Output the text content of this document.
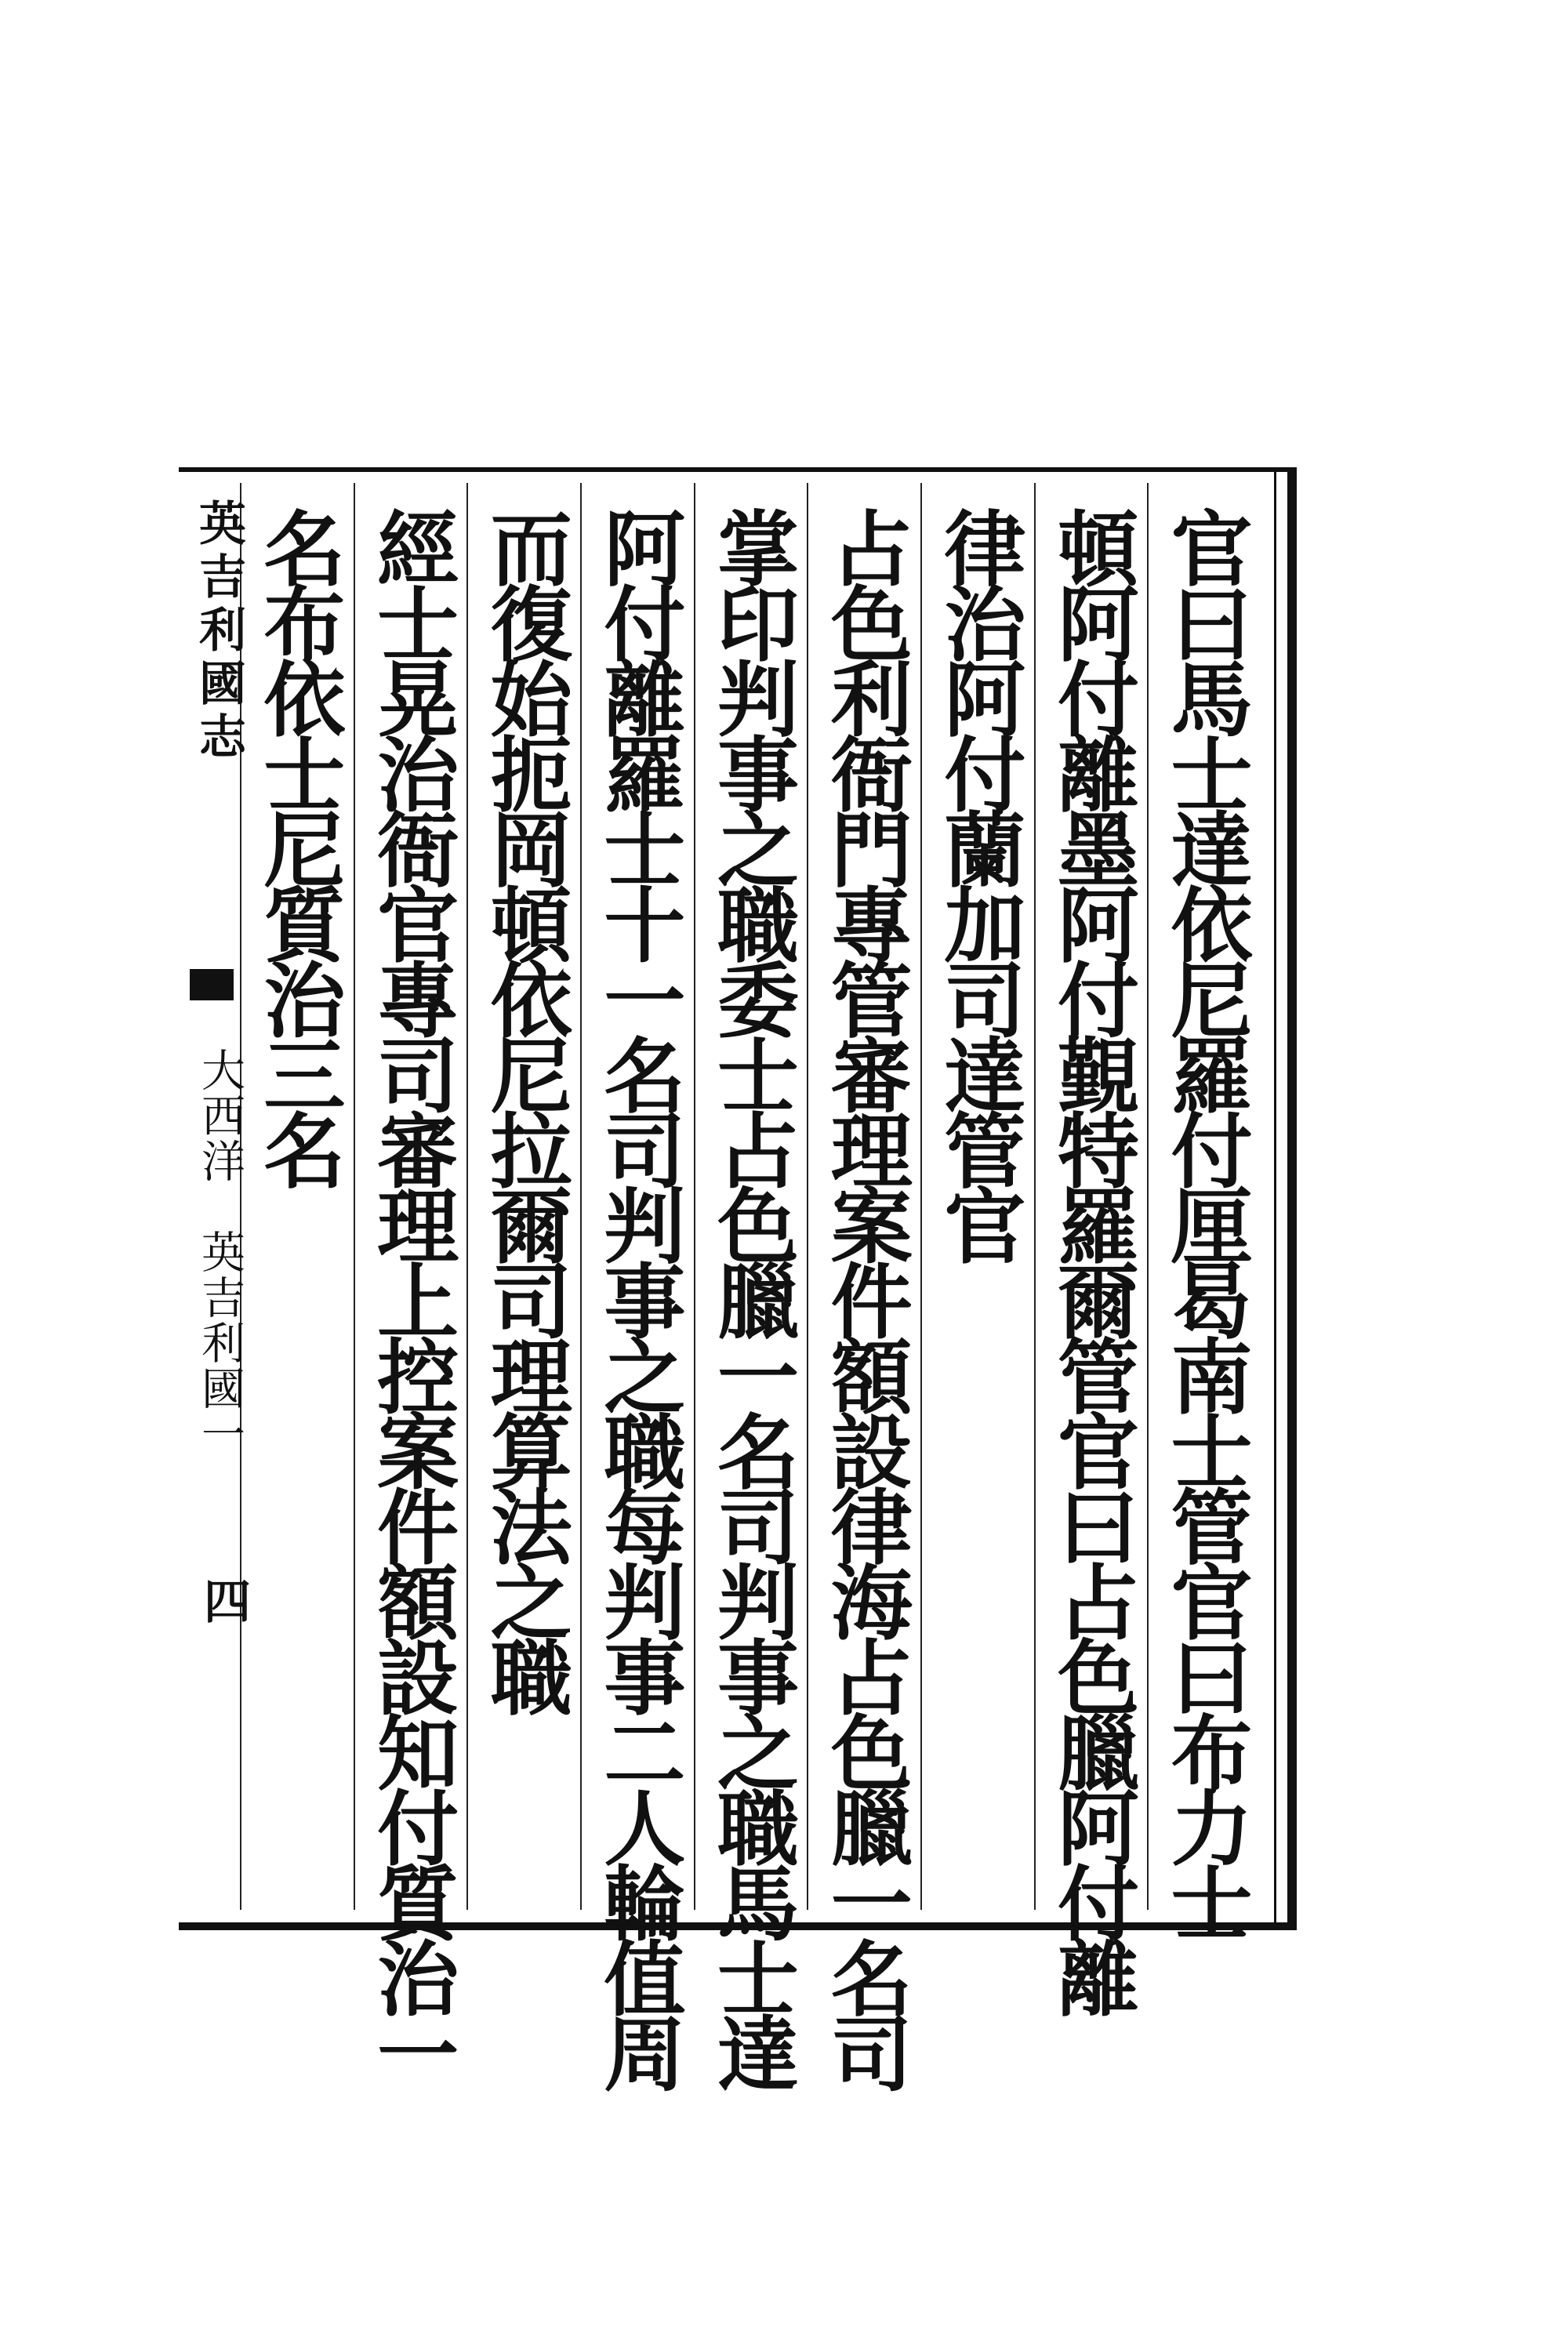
官曰馬士達依尼羅付厘曷南士管官曰布力士
頓阿付離墨阿付覲特羅爾管官曰占色臘阿付離
律治阿付蘭加司達管官
占色利衙門專管審理案件額設律海占色臘一名司
掌印判事之職委士占色臘一名司判事之職馬士達
阿付離羅士十一名司判事之職每判事二人輪值周
而復始扼岡頓依尼拉爾司理算法之職
經士晃治衙官專司審理上控案件額設知付質治一
名布依士尼質治三名
英吉利國志
大西洋　英吉利國一
四
